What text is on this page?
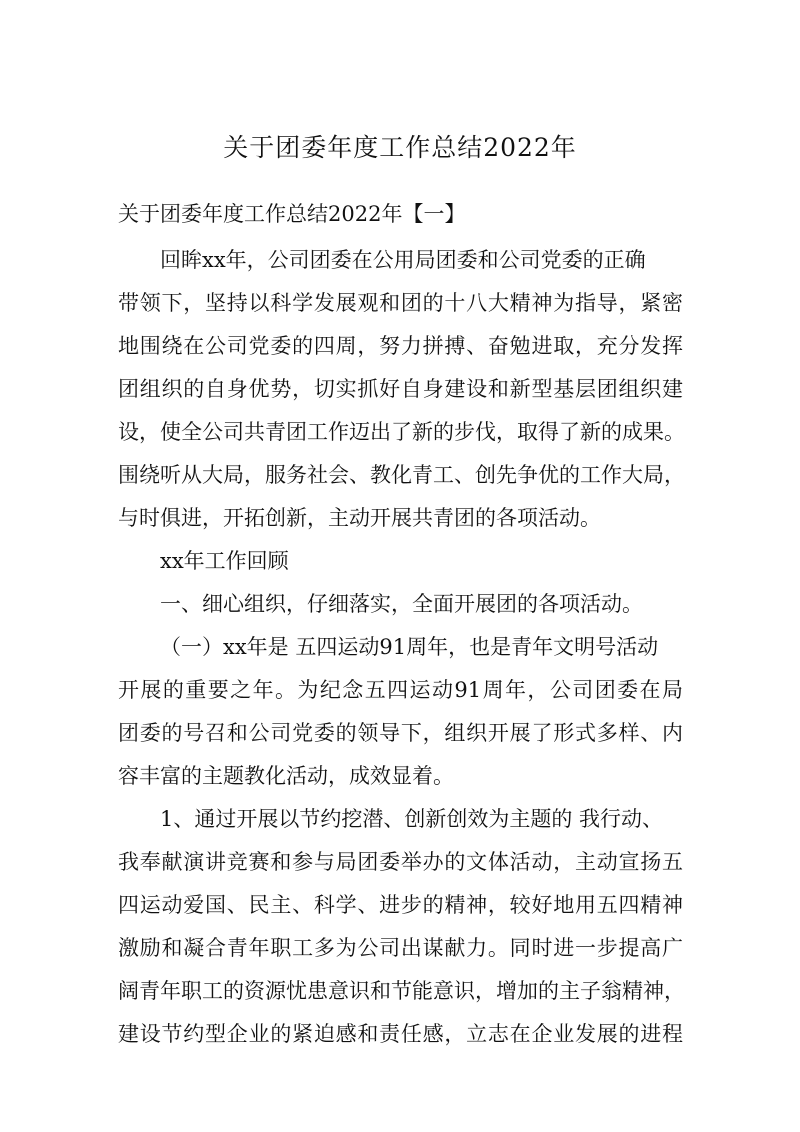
关于团委年度工作总结2022年
关于团委年度工作总结2022年【一】
回眸xx年，公司团委在公用局团委和公司党委的正确
带领下，坚持以科学发展观和团的十八大精神为指导，紧密
地围绕在公司党委的四周，努力拼搏、奋勉进取，充分发挥
团组织的自身优势，切实抓好自身建设和新型基层团组织建
设，使全公司共青团工作迈出了新的步伐，取得了新的成果。
围绕听从大局，服务社会、教化青工、创先争优的工作大局，
与时俱进，开拓创新，主动开展共青团的各项活动。
xx年工作回顾
一、细心组织，仔细落实，全面开展团的各项活动。
（一）xx年是 五四运动91周年，也是青年文明号活动
开展的重要之年。为纪念五四运动91周年，公司团委在局
团委的号召和公司党委的领导下，组织开展了形式多样、内
容丰富的主题教化活动，成效显着。
1、通过开展以节约挖潜、创新创效为主题的 我行动、
我奉献演讲竞赛和参与局团委举办的文体活动，主动宣扬五
四运动爱国、民主、科学、进步的精神，较好地用五四精神
激励和凝合青年职工多为公司出谋献力。同时进一步提高广
阔青年职工的资源忧患意识和节能意识，增加的主子翁精神，
建设节约型企业的紧迫感和责任感，立志在企业发展的进程
